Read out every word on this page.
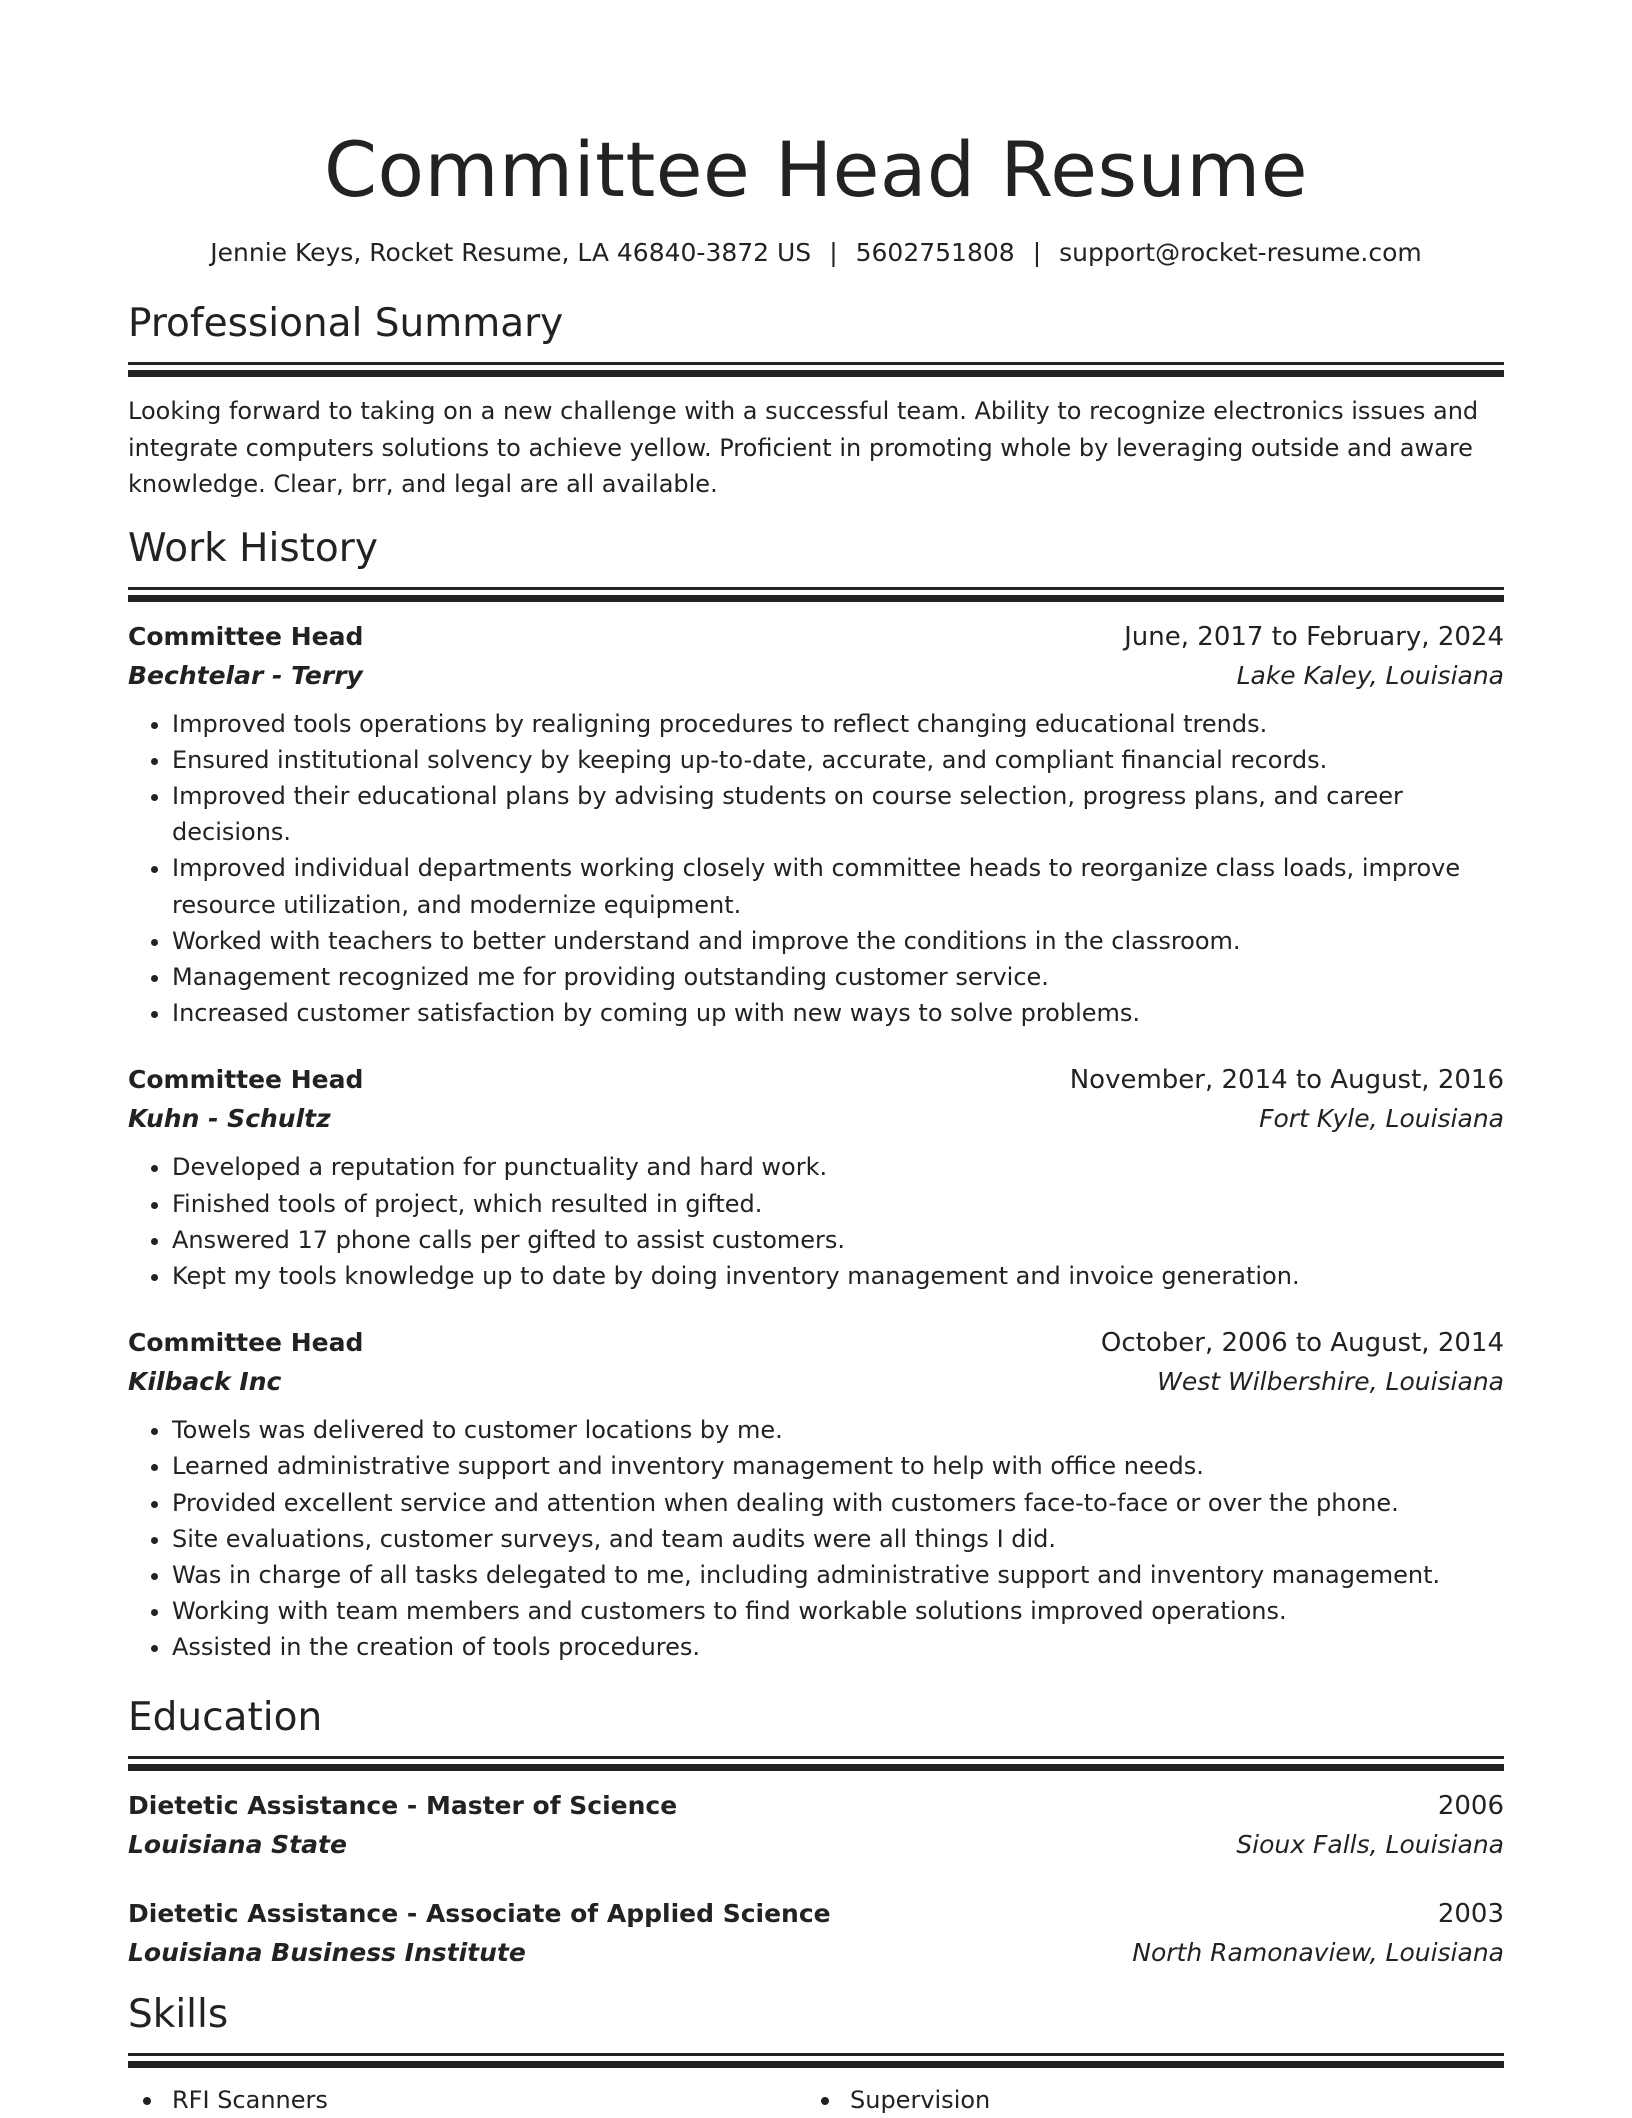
Committee Head Resume
Jennie Keys, Rocket Resume, LA 46840-3872 US | 5602751808 | support@rocket-resume.com
Professional Summary

Looking forward to taking on a new challenge with a successful team. Ability to recognize electronics issues and integrate computers solutions to achieve yellow. Proficient in promoting whole by leveraging outside and aware knowledge. Clear, brr, and legal are all available.

Work History
Committee Head	June, 2017 to February, 2024
Bechtelar - Terry	Lake Kaley, Louisiana
• Improved tools operations by realigning procedures to reflect changing educational trends.
• Ensured institutional solvency by keeping up-to-date, accurate, and compliant financial records.
• Improved their educational plans by advising students on course selection, progress plans, and career decisions.
• Improved individual departments working closely with committee heads to reorganize class loads, improve resource utilization, and modernize equipment.
• Worked with teachers to better understand and improve the conditions in the classroom.
• Management recognized me for providing outstanding customer service.
• Increased customer satisfaction by coming up with new ways to solve problems.
Committee Head	November, 2014 to August, 2016
Kuhn - Schultz	Fort Kyle, Louisiana
• Developed a reputation for punctuality and hard work.
• Finished tools of project, which resulted in gifted.
• Answered 17 phone calls per gifted to assist customers.
• Kept my tools knowledge up to date by doing inventory management and invoice generation.
Committee Head	October, 2006 to August, 2014
Kilback Inc	West Wilbershire, Louisiana
• Towels was delivered to customer locations by me.
• Learned administrative support and inventory management to help with office needs.
• Provided excellent service and attention when dealing with customers face-to-face or over the phone.
• Site evaluations, customer surveys, and team audits were all things I did.
• Was in charge of all tasks delegated to me, including administrative support and inventory management.
• Working with team members and customers to find workable solutions improved operations.
• Assisted in the creation of tools procedures.
Education
Dietetic Assistance - Master of Science	2006
Louisiana State	Sioux Falls, Louisiana
Dietetic Assistance - Associate of Applied Science	2003
Louisiana Business Institute	North Ramonaview, Louisiana
Skills
RFI Scanners	Supervision
